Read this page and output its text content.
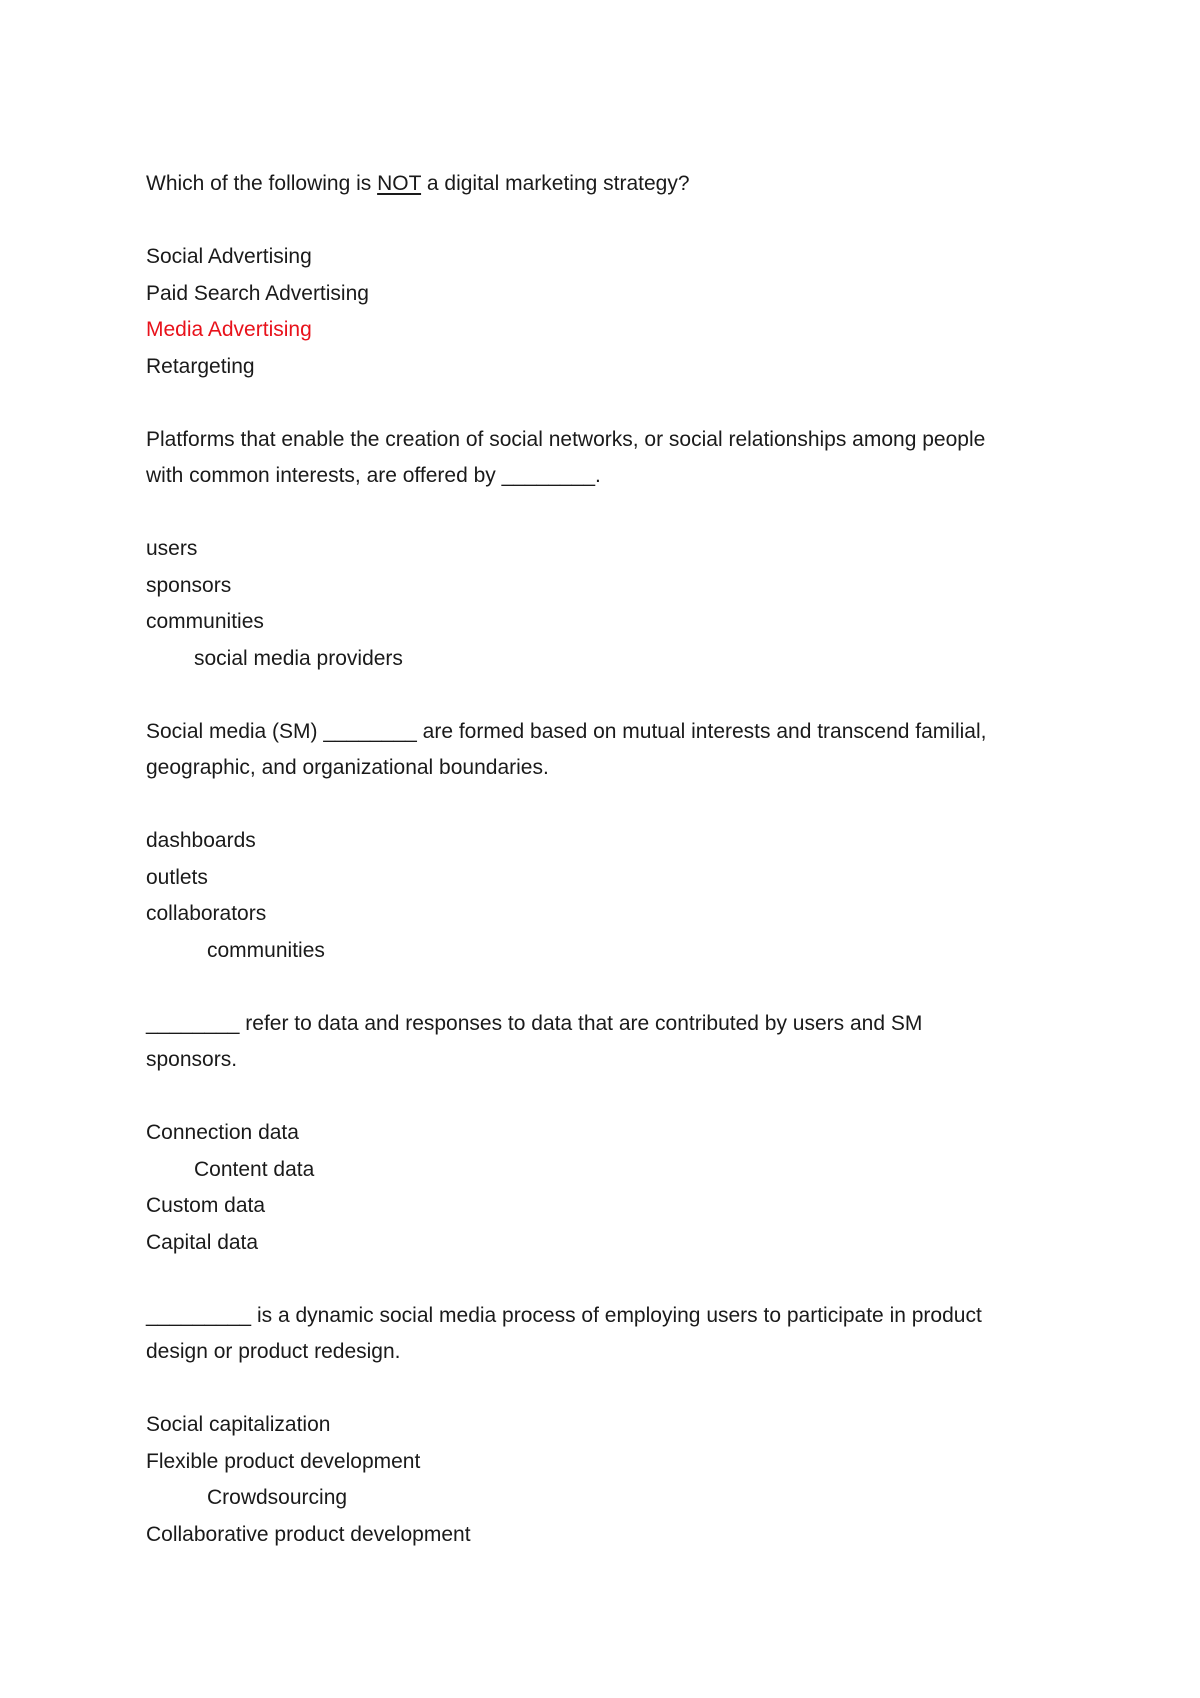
Which of the following is NOT a digital marketing strategy?
Social Advertising
Paid Search Advertising
Media Advertising
Retargeting
Platforms that enable the creation of social networks, or social relationships among people
with common interests, are offered by ________.
users
sponsors
communities
social media providers
Social media (SM) ________ are formed based on mutual interests and transcend familial,
geographic, and organizational boundaries.
dashboards
outlets
collaborators
communities
________ refer to data and responses to data that are contributed by users and SM
sponsors.
Connection data
Content data
Custom data
Capital data
_________ is a dynamic social media process of employing users to participate in product
design or product redesign.
Social capitalization
Flexible product development
Crowdsourcing
Collaborative product development
